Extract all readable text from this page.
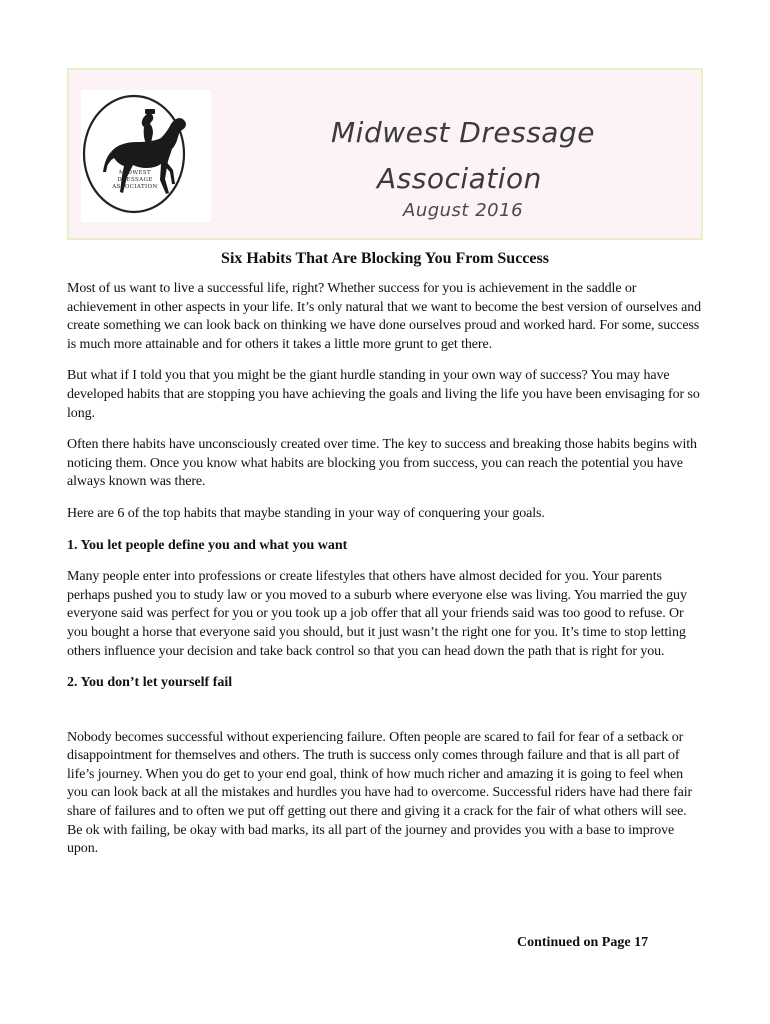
MIDWEST
DRESSAGE
ASSOCIATION
Midwest Dressage
Association
August 2016
Six Habits That Are Blocking You From Success

Most of us want to live a successful life, right? Whether success for you is achievement in the saddle or achievement in other aspects in your life. It’s only natural that we want to become the best version of ourselves and create something we can look back on thinking we have done ourselves proud and worked hard. For some, success is much more attainable and for others it takes a little more grunt to get there.

But what if I told you that you might be the giant hurdle standing in your own way of success? You may have developed habits that are stopping you have achieving the goals and living the life you have been envisaging for so long.

Often there habits have unconsciously created over time. The key to success and breaking those habits begins with noticing them. Once you know what habits are blocking you from success, you can reach the potential you have always known was there.

Here are 6 of the top habits that maybe standing in your way of conquering your goals.

1. You let people define you and what you want

Many people enter into professions or create lifestyles that others have almost decided for you. Your parents perhaps pushed you to study law or you moved to a suburb where everyone else was living. You married the guy everyone said was perfect for you or you took up a job offer that all your friends said was too good to refuse. Or you bought a horse that everyone said you should, but it just wasn’t the right one for you. It’s time to stop letting others influence your decision and take back control so that you can head down the path that is right for you.

2. You don’t let yourself fail

Nobody becomes successful without experiencing failure. Often people are scared to fail for fear of a setback or disappointment for themselves and others. The truth is success only comes through failure and that is all part of life’s journey. When you do get to your end goal, think of how much richer and amazing it is going to feel when you can look back at all the mistakes and hurdles you have had to overcome. Successful riders have had there fair share of failures and to often we put off getting out there and giving it a crack for the fair of what others will see. Be ok with failing, be okay with bad marks, its all part of the journey and provides you with a base to improve upon.

Continued on Page 17
